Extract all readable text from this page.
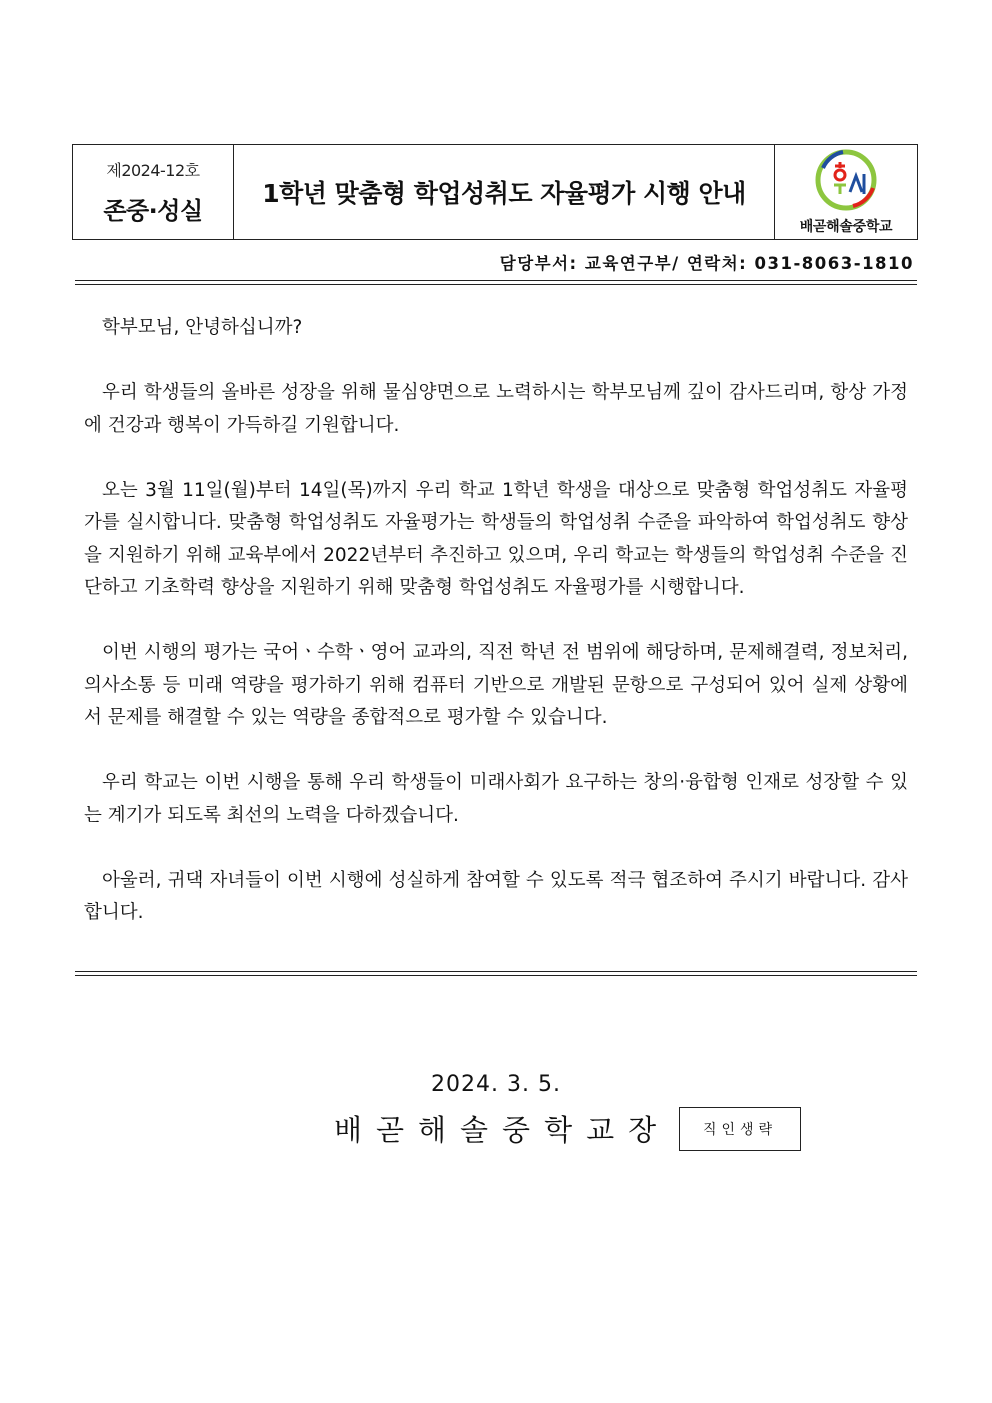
제2024-12호
존중·성실
1학년 맞춤형 학업성취도 자율평가 시행 안내
배곧해솔중학교
담당부서: 교육연구부/ 연락처: 031-8063-1810

학부모님, 안녕하십니까?

우리 학생들의 올바른 성장을 위해 물심양면으로 노력하시는 학부모님께 깊이 감사드리며, 항상 가정에 건강과 행복이 가득하길 기원합니다.

오는 3월 11일(월)부터 14일(목)까지 우리 학교 1학년 학생을 대상으로 맞춤형 학업성취도 자율평가를 실시합니다. 맞춤형 학업성취도 자율평가는 학생들의 학업성취 수준을 파악하여 학업성취도 향상을 지원하기 위해 교육부에서 2022년부터 추진하고 있으며, 우리 학교는 학생들의 학업성취 수준을 진단하고 기초학력 향상을 지원하기 위해 맞춤형 학업성취도 자율평가를 시행합니다.

이번 시행의 평가는 국어ㆍ수학ㆍ영어 교과의, 직전 학년 전 범위에 해당하며, 문제해결력, 정보처리, 의사소통 등 미래 역량을 평가하기 위해 컴퓨터 기반으로 개발된 문항으로 구성되어 있어 실제 상황에서 문제를 해결할 수 있는 역량을 종합적으로 평가할 수 있습니다.

우리 학교는 이번 시행을 통해 우리 학생들이 미래사회가 요구하는 창의·융합형 인재로 성장할 수 있는 계기가 되도록 최선의 노력을 다하겠습니다.

아울러, 귀댁 자녀들이 이번 시행에 성실하게 참여할 수 있도록 적극 협조하여 주시기 바랍니다. 감사합니다.

2024. 3. 5.
배곧해솔중학교장	직인생략
